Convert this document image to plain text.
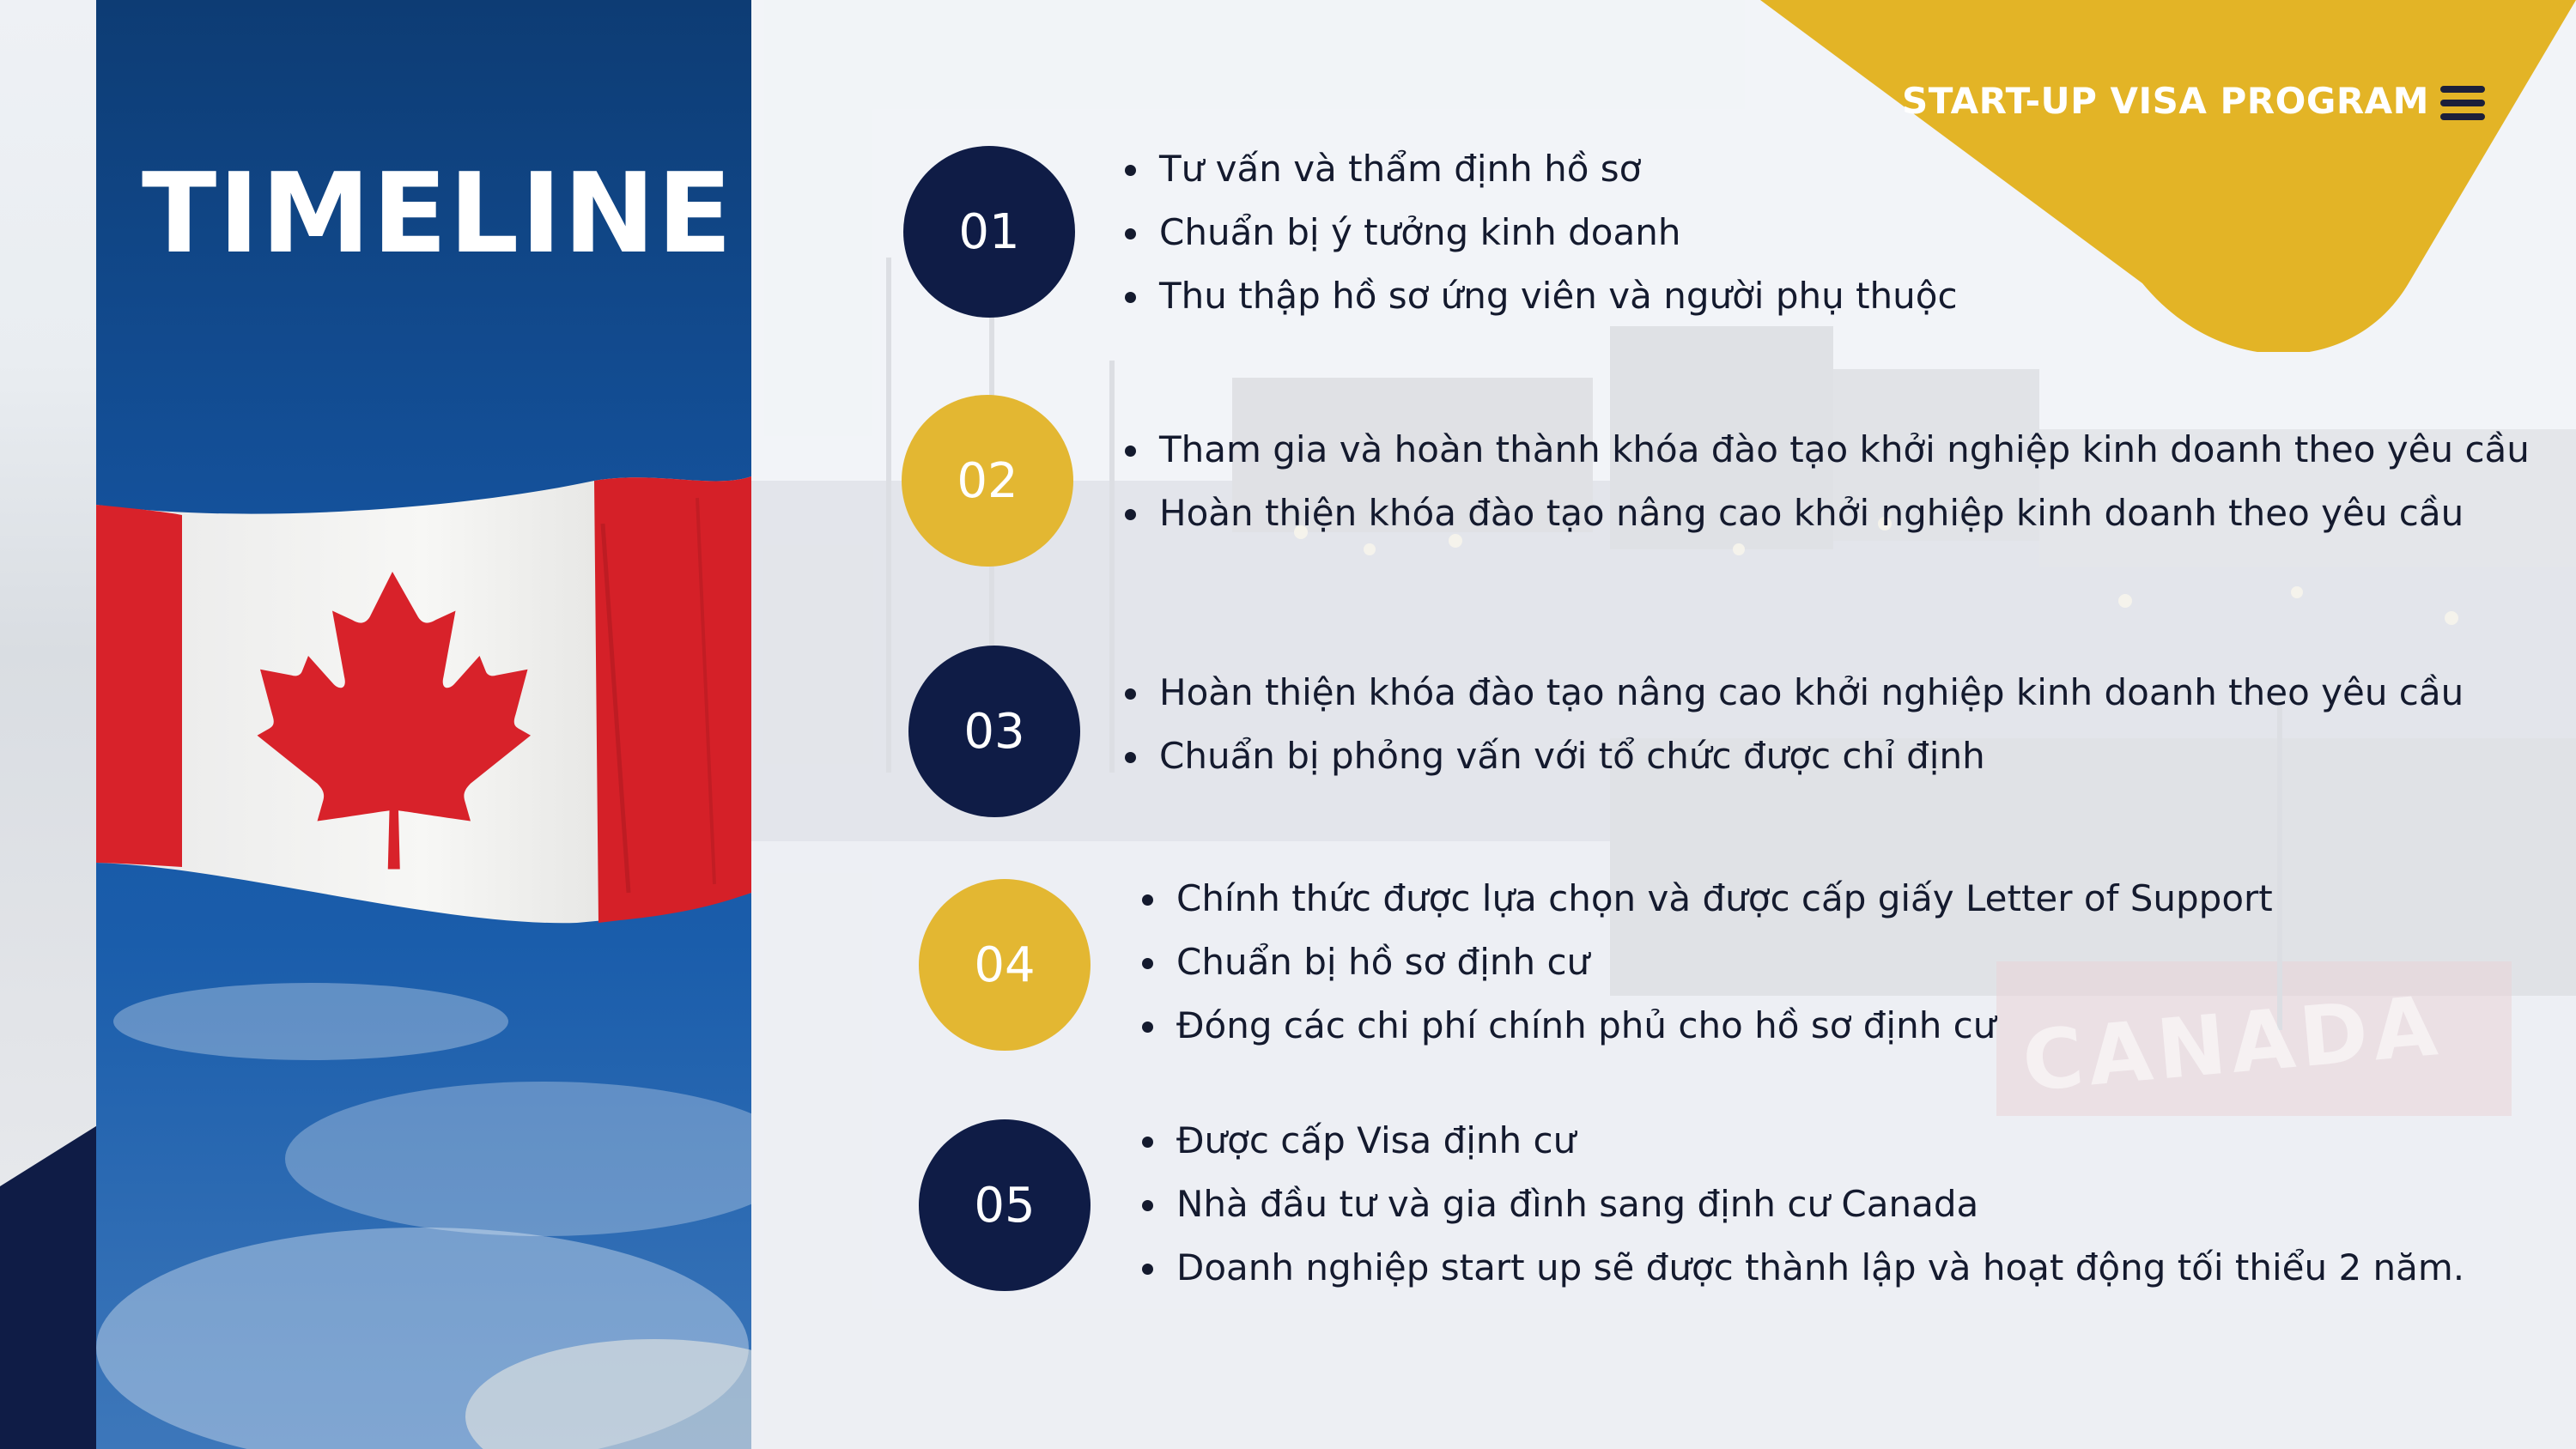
CANADA
TIMELINE
START-UP VISA PROGRAM
01
Tư vấn và thẩm định hồ sơ
Chuẩn bị ý tưởng kinh doanh
Thu thập hồ sơ ứng viên và người phụ thuộc
02
Tham gia và hoàn thành khóa đào tạo khởi nghiệp kinh doanh theo yêu cầu
Hoàn thiện khóa đào tạo nâng cao khởi nghiệp kinh doanh theo yêu cầu
03
Hoàn thiện khóa đào tạo nâng cao khởi nghiệp kinh doanh theo yêu cầu
Chuẩn bị phỏng vấn với tổ chức được chỉ định
04
Chính thức được lựa chọn và được cấp giấy Letter of Support
Chuẩn bị hồ sơ định cư
Đóng các chi phí chính phủ cho hồ sơ định cư
05
Được cấp Visa định cư
Nhà đầu tư và gia đình sang định cư Canada
Doanh nghiệp start up sẽ được thành lập và hoạt động tối thiểu 2 năm.
